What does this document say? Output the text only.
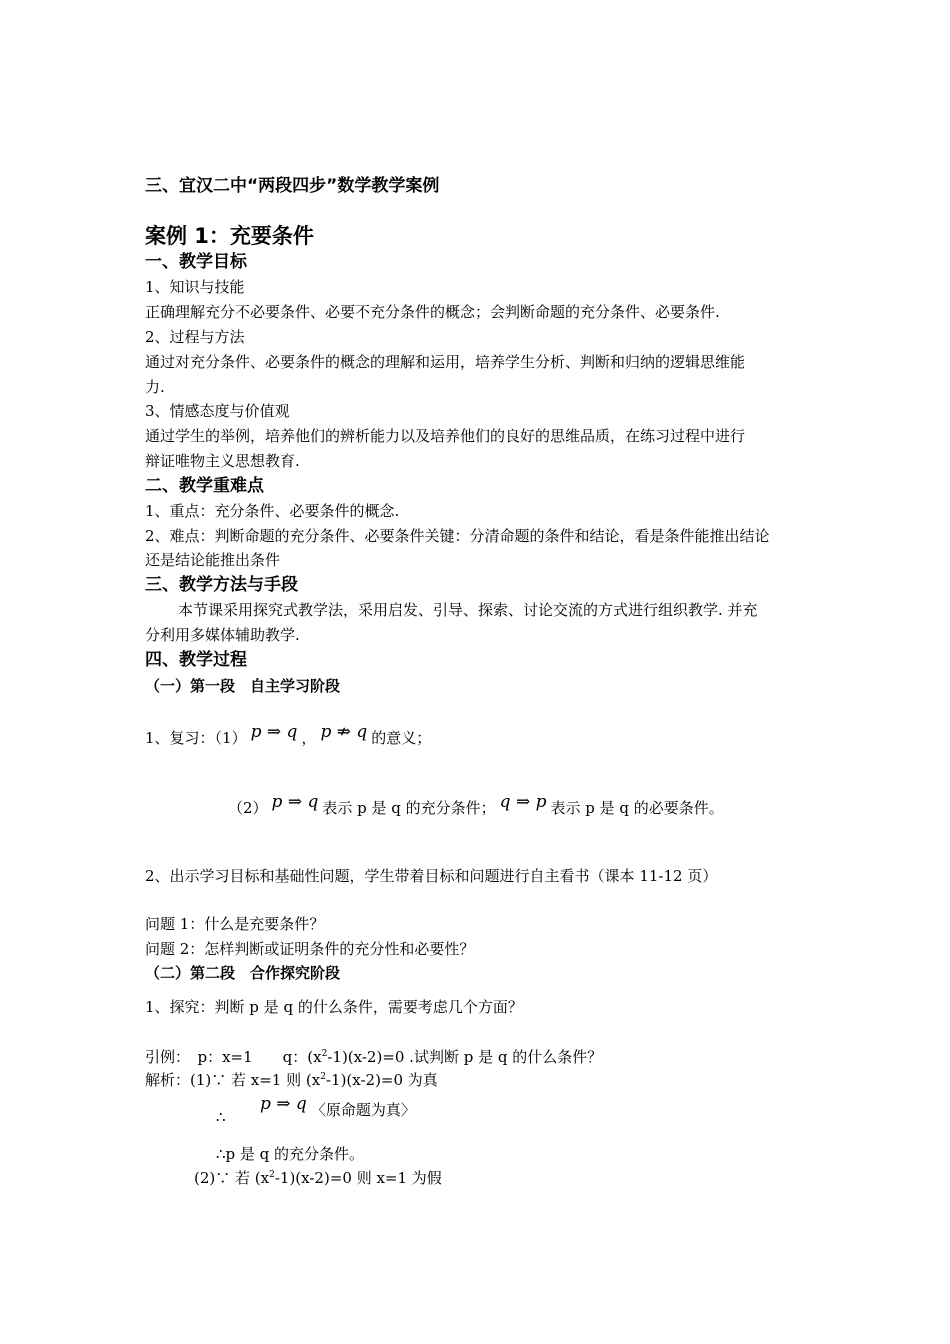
三、宜汉二中“两段四步”数学教学案例
案例 1：充要条件
一、教学目标
1、知识与技能
正确理解充分不必要条件、必要不充分条件的概念；会判断命题的充分条件、必要条件.
2、过程与方法
通过对充分条件、必要条件的概念的理解和运用，培养学生分析、判断和归纳的逻辑思维能
力.
3、情感态度与价值观
通过学生的举例，培养他们的辨析能力以及培养他们的良好的思维品质，在练习过程中进行
辩证唯物主义思想教育.
二、教学重难点
1、重点：充分条件、必要条件的概念.
2、难点：判断命题的充分条件、必要条件关键：分清命题的条件和结论，看是条件能推出结论
还是结论能推出条件
三、教学方法与手段
本节课采用探究式教学法，采用启发、引导、探索、讨论交流的方式进行组织教学. 并充
分利用多媒体辅助教学.
四、教学过程
（一）第一段　自主学习阶段
1、复习：（1） p ⇒ q ， p ⇏ q 的意义；
（2） p ⇒ q 表示 p 是 q 的充分条件； q ⇒ p 表示 p 是 q 的必要条件。
2、出示学习目标和基础性问题，学生带着目标和问题进行自主看书（课本 11-12 页）
问题 1：什么是充要条件？
问题 2：怎样判断或证明条件的充分性和必要性？
（二）第二段　合作探究阶段
1、探究：判断 p 是 q 的什么条件，需要考虑几个方面？
引例：　p：x=1　　q：$(x^2-1)(x-2)=0$ .试判断 p 是 q 的什么条件？
解析：(1)∵ 若 x=1 则 $(x^2-1)(x-2)=0$ 为真
∴
p ⇒ q 〈原命题为真〉
∴p 是 q 的充分条件。
(2)∵ 若 $(x^2-1)(x-2)=0$ 则 x=1 为假
